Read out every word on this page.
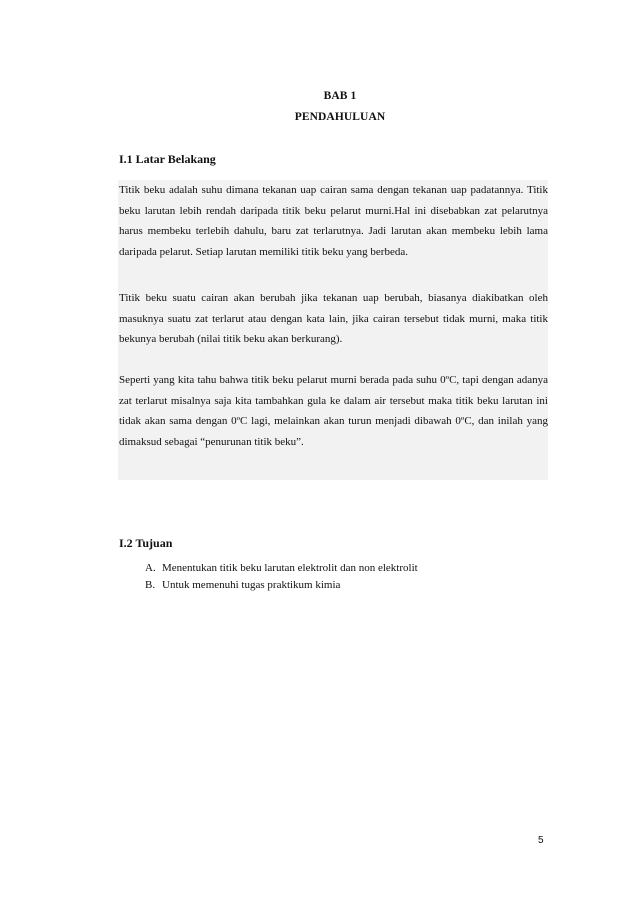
BAB 1
PENDAHULUAN
I.1 Latar Belakang

Titik beku adalah suhu dimana tekanan uap cairan sama dengan tekanan uap padatannya. Titik beku larutan lebih rendah daripada titik beku pelarut murni.Hal ini disebabkan zat pelarutnya harus membeku terlebih dahulu, baru zat terlarutnya. Jadi larutan akan membeku lebih lama daripada pelarut. Setiap larutan memiliki titik beku yang berbeda.

Titik beku suatu cairan akan berubah jika tekanan uap berubah, biasanya diakibatkan oleh masuknya suatu zat terlarut atau dengan kata lain, jika cairan tersebut tidak murni, maka titik bekunya berubah (nilai titik beku akan berkurang).

Seperti yang kita tahu bahwa titik beku pelarut murni berada pada suhu 0ºC, tapi dengan adanya zat terlarut misalnya saja kita tambahkan gula ke dalam air tersebut maka titik beku larutan ini tidak akan sama dengan 0ºC lagi, melainkan akan turun menjadi dibawah 0ºC, dan inilah yang dimaksud sebagai “penurunan titik beku”.

I.2 Tujuan
A. Menentukan titik beku larutan elektrolit dan non elektrolit
B. Untuk memenuhi tugas praktikum kimia
5
